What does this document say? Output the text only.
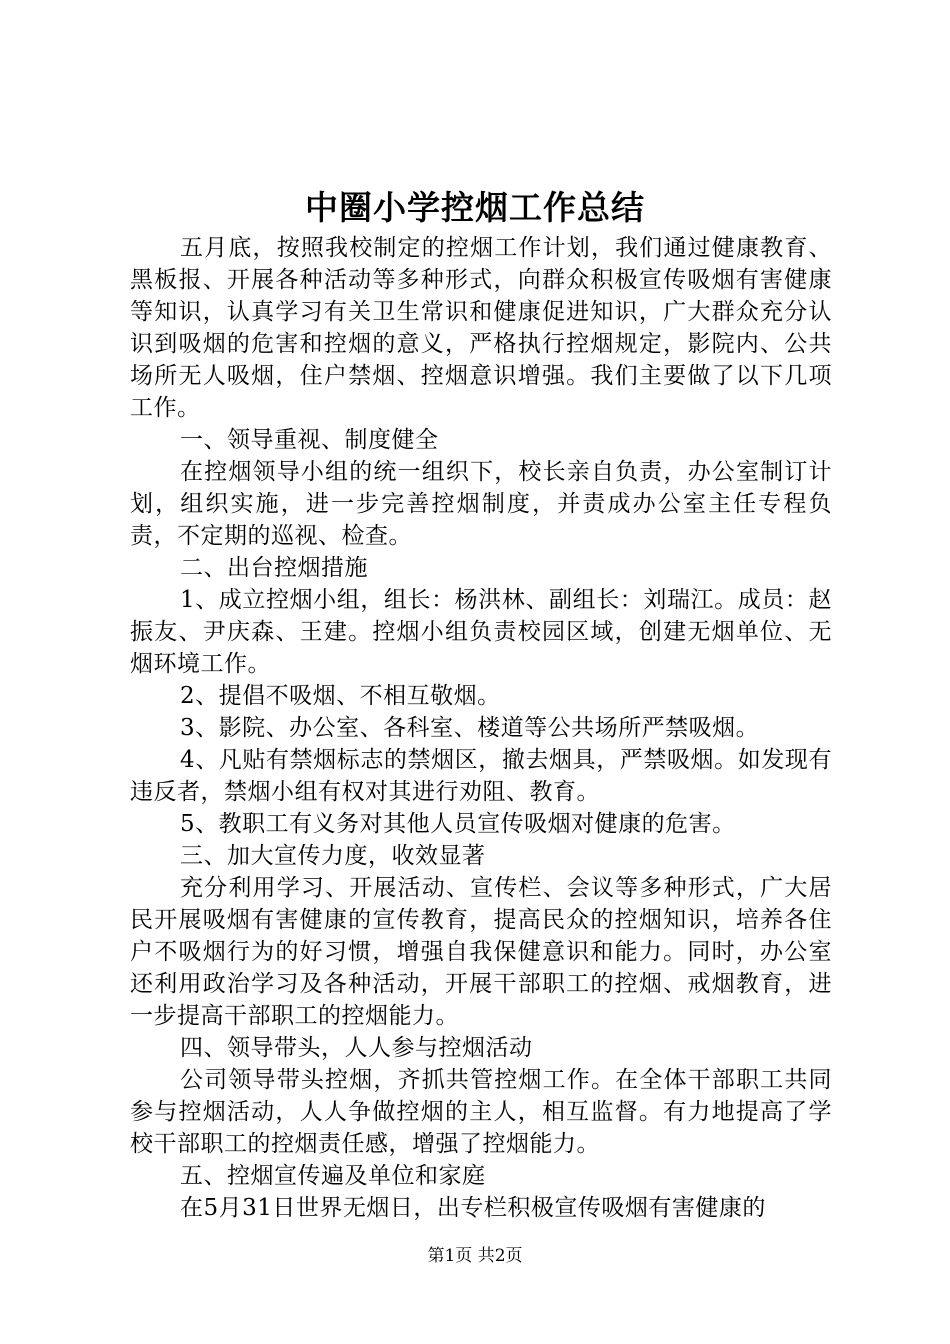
中圈小学控烟工作总结

五月底，按照我校制定的控烟工作计划，我们通过健康教育、黑板报、开展各种活动等多种形式，向群众积极宣传吸烟有害健康等知识，认真学习有关卫生常识和健康促进知识，广大群众充分认识到吸烟的危害和控烟的意义，严格执行控烟规定，影院内、公共场所无人吸烟，住户禁烟、控烟意识增强。我们主要做了以下几项工作。

一、领导重视、制度健全

在控烟领导小组的统一组织下，校长亲自负责，办公室制订计划，组织实施，进一步完善控烟制度，并责成办公室主任专程负责，不定期的巡视、检查。

二、出台控烟措施

1、成立控烟小组，组长：杨洪林、副组长：刘瑞江。成员：赵振友、尹庆森、王建。控烟小组负责校园区域，创建无烟单位、无烟环境工作。

2、提倡不吸烟、不相互敬烟。

3、影院、办公室、各科室、楼道等公共场所严禁吸烟。

4、凡贴有禁烟标志的禁烟区，撤去烟具，严禁吸烟。如发现有违反者，禁烟小组有权对其进行劝阻、教育。

5、教职工有义务对其他人员宣传吸烟对健康的危害。

三、加大宣传力度，收效显著

充分利用学习、开展活动、宣传栏、会议等多种形式，广大居民开展吸烟有害健康的宣传教育，提高民众的控烟知识，培养各住户不吸烟行为的好习惯，增强自我保健意识和能力。同时，办公室还利用政治学习及各种活动，开展干部职工的控烟、戒烟教育，进一步提高干部职工的控烟能力。

四、领导带头，人人参与控烟活动

公司领导带头控烟，齐抓共管控烟工作。在全体干部职工共同参与控烟活动，人人争做控烟的主人，相互监督。有力地提高了学校干部职工的控烟责任感，增强了控烟能力。

五、控烟宣传遍及单位和家庭

在5月31日世界无烟日，出专栏积极宣传吸烟有害健康的

第1页 共2页
